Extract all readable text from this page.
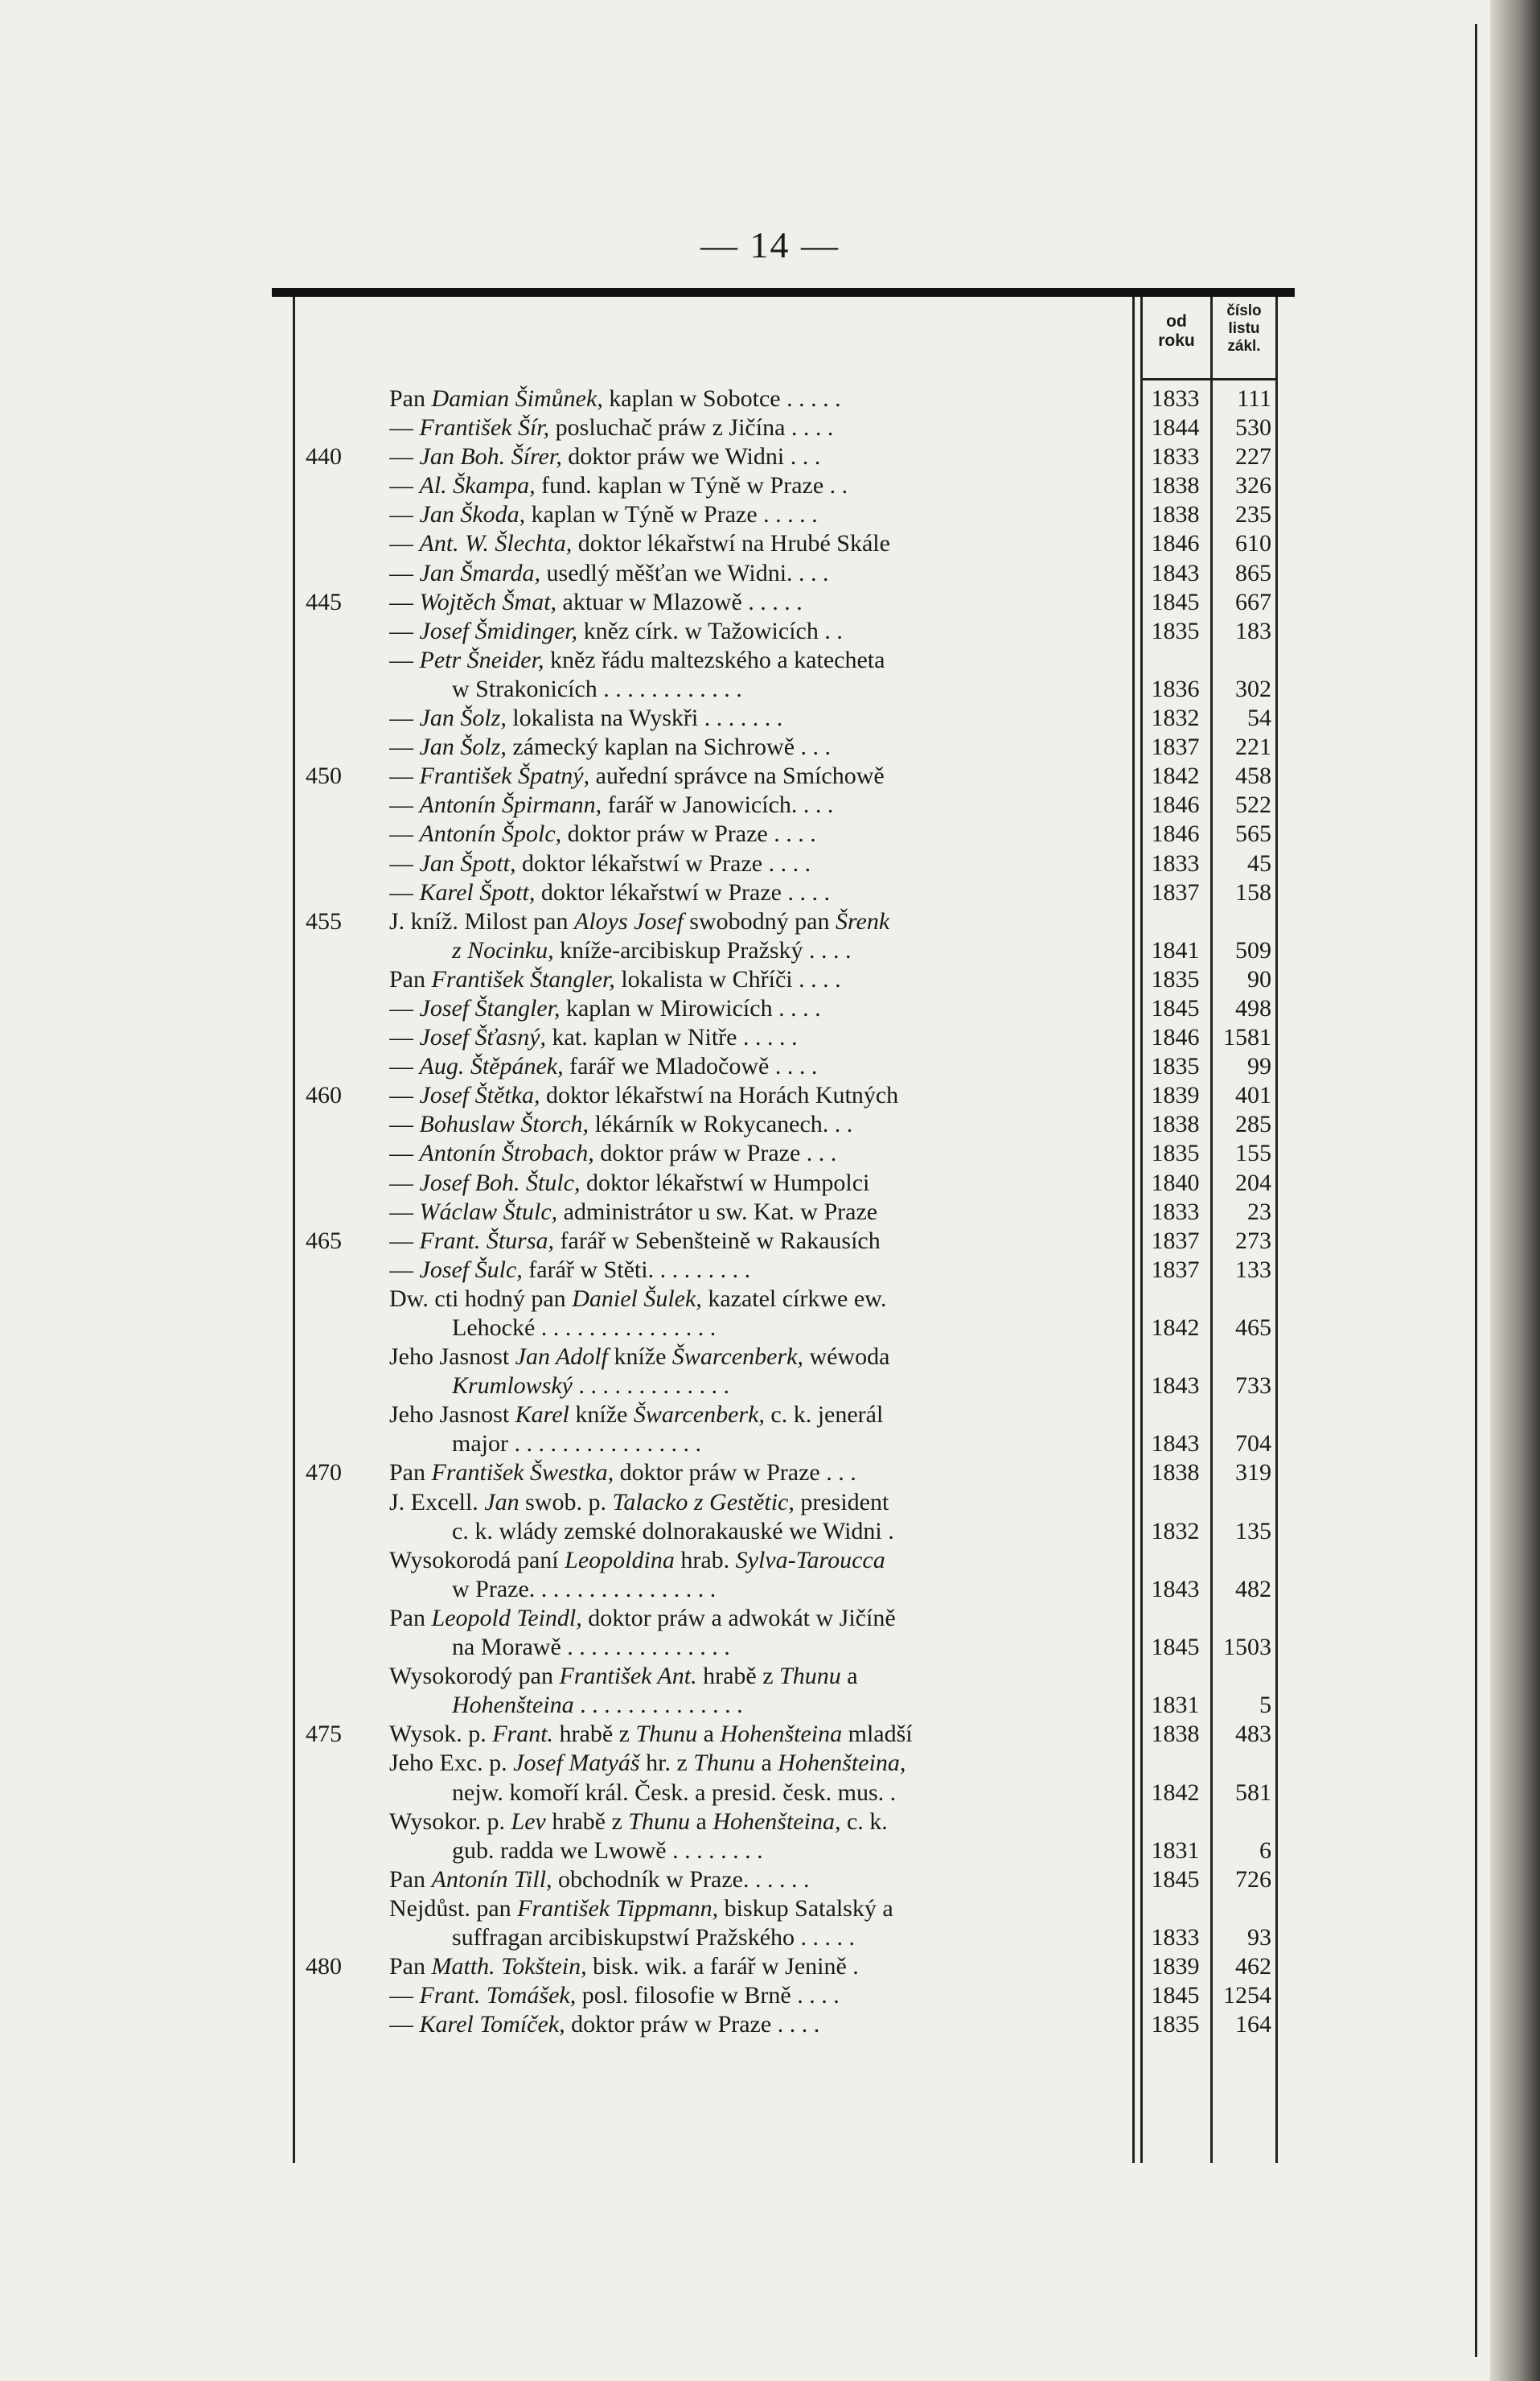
— 14 —
od
roku
číslo
listu
zákl.
Pan Damian Šimůnek, kaplan w Sobotce . . . . .	1833	111
— František Šír, posluchač práw z Jičína . . . .	1844	530
440	— Jan Boh. Šírer, doktor práw we Widni . . .	1833	227
— Al. Škampa, fund. kaplan w Týně w Praze . .	1838	326
— Jan Škoda, kaplan w Týně w Praze . . . . .	1838	235
— Ant. W. Šlechta, doktor lékařstwí na Hrubé Skále	1846	610
— Jan Šmarda, usedlý měšťan we Widni. . . .	1843	865
445	— Wojtěch Šmat, aktuar w Mlazowě . . . . .	1845	667
— Josef Šmidinger, kněz círk. w Tažowicích . .	1835	183
— Petr Šneider, kněz řádu maltezského a katecheta
w Strakonicích . . . . . . . . . . . .	1836	302
— Jan Šolz, lokalista na Wyskři . . . . . . .	1832	54
— Jan Šolz, zámecký kaplan na Sichrowě . . .	1837	221
450	— František Špatný, auřední správce na Smíchowě	1842	458
— Antonín Špirmann, farář w Janowicích. . . .	1846	522
— Antonín Špolc, doktor práw w Praze . . . .	1846	565
— Jan Špott, doktor lékařstwí w Praze . . . .	1833	45
— Karel Špott, doktor lékařstwí w Praze . . . .	1837	158
455	J. kníž. Milost pan Aloys Josef swobodný pan Šrenk
z Nocinku, kníže-arcibiskup Pražský . . . .	1841	509
Pan František Štangler, lokalista w Chříči . . . .	1835	90
— Josef Štangler, kaplan w Mirowicích . . . .	1845	498
— Josef Šťasný, kat. kaplan w Nitře . . . . .	1846 1581
— Aug. Štěpánek, farář we Mladočowě . . . .	1835	99
460	— Josef Štětka, doktor lékařstwí na Horách Kutných	1839	401
— Bohuslaw Štorch, lékárník w Rokycanech. . .	1838	285
— Antonín Štrobach, doktor práw w Praze . . .	1835	155
— Josef Boh. Štulc, doktor lékařstwí w Humpolci	1840	204
— Wáclaw Štulc, administrátor u sw. Kat. w Praze	1833	23
465	— Frant. Štursa, farář w Sebenšteině w Rakausích	1837	273
— Josef Šulc, farář w Stěti. . . . . . . . .	1837	133
Dw. cti hodný pan Daniel Šulek, kazatel církwe ew.
Lehocké . . . . . . . . . . . . . . .	1842	465
Jeho Jasnost Jan Adolf kníže Šwarcenberk, wéwoda
Krumlowský . . . . . . . . . . . . .	1843	733
Jeho Jasnost Karel kníže Šwarcenberk, c. k. jenerál
major . . . . . . . . . . . . . . . .	1843	704
470	Pan František Šwestka, doktor práw w Praze . . .	1838	319
J. Excell. Jan swob. p. Talacko z Gestětic, president
c. k. wlády zemské dolnorakauské we Widni .	1832	135
Wysokorodá paní Leopoldina hrab. Sylva-Taroucca
w Praze. . . . . . . . . . . . . . . .	1843	482
Pan Leopold Teindl, doktor práw a adwokát w Jičíně
na Morawě . . . . . . . . . . . . . .	1845 1503
Wysokorodý pan František Ant. hrabě z Thunu a
Hohenšteina . . . . . . . . . . . . . .	1831	5
475	Wysok. p. Frant. hrabě z Thunu a Hohenšteina mladší	1838	483
Jeho Exc. p. Josef Matyáš hr. z Thunu a Hohenšteina,
nejw. komoří král. Česk. a presid. česk. mus. .	1842	581
Wysokor. p. Lev hrabě z Thunu a Hohenšteina, c. k.
gub. radda we Lwowě . . . . . . . .	1831	6
Pan Antonín Till, obchodník w Praze. . . . . .	1845	726
Nejdůst. pan František Tippmann, biskup Satalský a
suffragan arcibiskupstwí Pražského . . . . .	1833	93
480	Pan Matth. Tokštein, bisk. wik. a farář w Jenině .	1839	462
— Frant. Tomášek, posl. filosofie w Brně . . . .	1845 1254
— Karel Tomíček, doktor práw w Praze . . . .	1835	164
